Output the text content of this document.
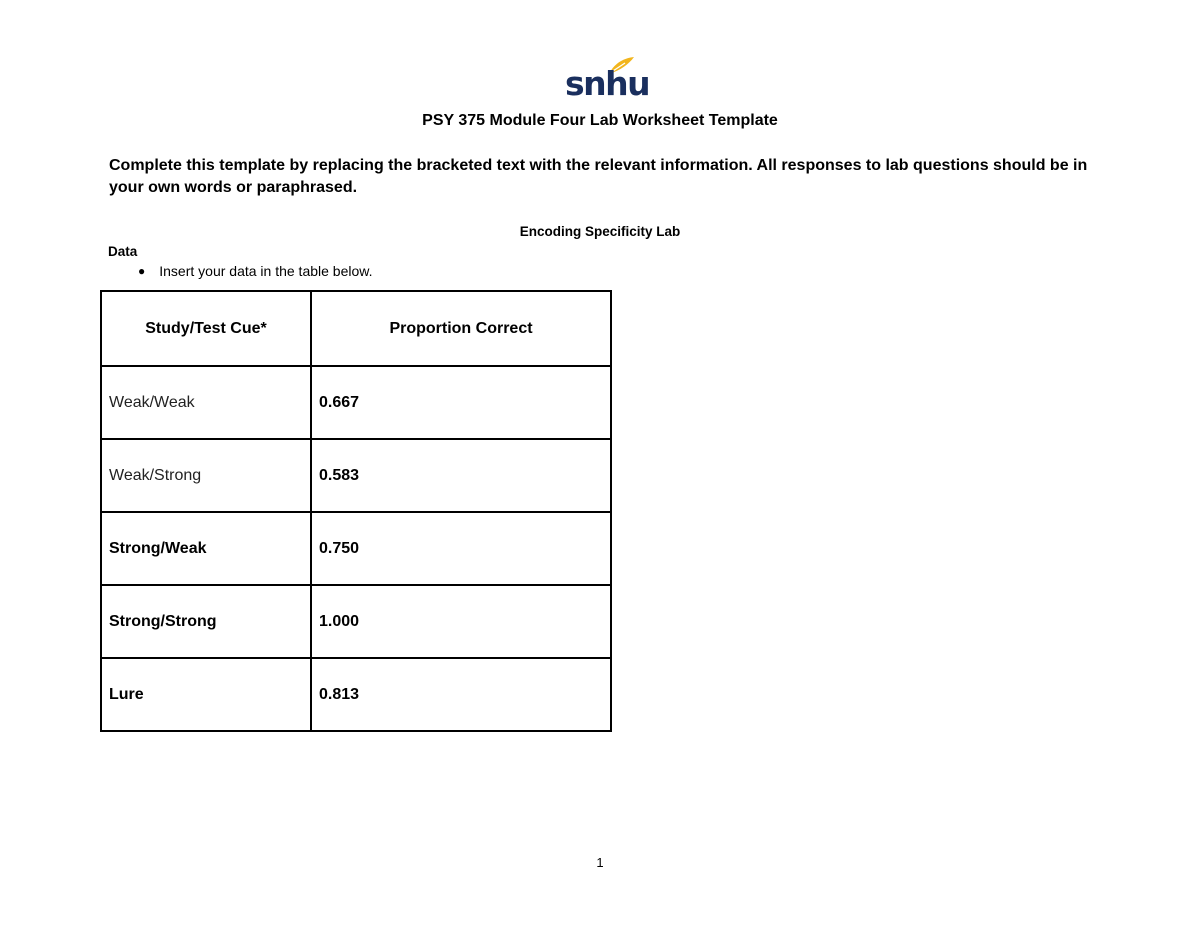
snhu
PSY 375 Module Four Lab Worksheet Template
Complete this template by replacing the bracketed text with the relevant information. All responses to lab questions should be in your own words or paraphrased.
Encoding Specificity Lab
Data
● Insert your data in the table below.
Study/Test Cue*	Proportion Correct
Weak/Weak	0.667
Weak/Strong	0.583
Strong/Weak	0.750
Strong/Strong	1.000
Lure	0.813
1
